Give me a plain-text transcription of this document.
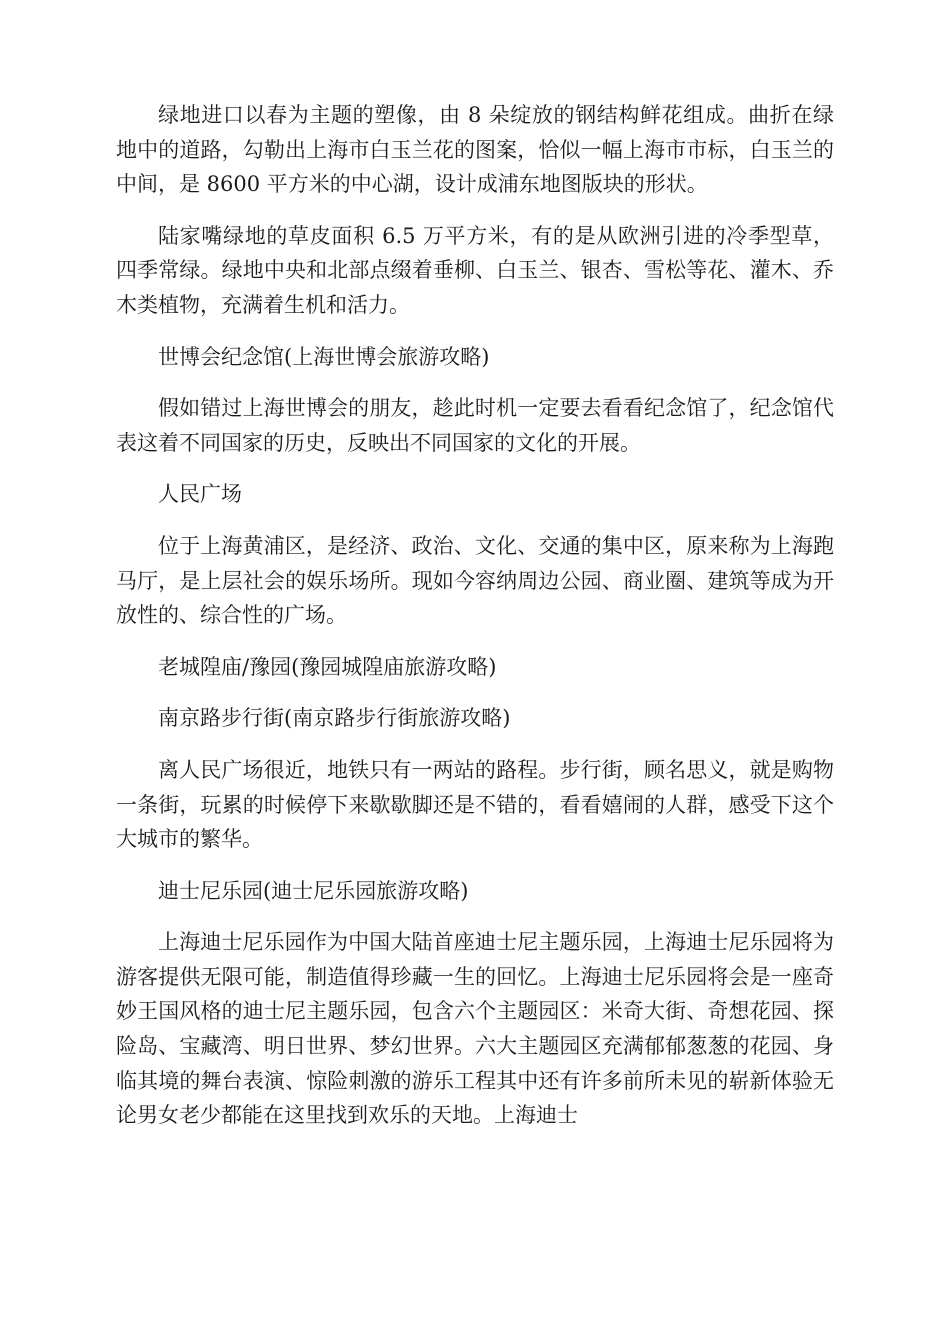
绿地进口以春为主题的塑像，由 8 朵绽放的钢结构鲜花组成。曲折在绿地中的道路，勾勒出上海市白玉兰花的图案，恰似一幅上海市市标，白玉兰的中间，是 8600 平方米的中心湖，设计成浦东地图版块的形状。

陆家嘴绿地的草皮面积 6.5 万平方米，有的是从欧洲引进的冷季型草，四季常绿。绿地中央和北部点缀着垂柳、白玉兰、银杏、雪松等花、灌木、乔木类植物，充满着生机和活力。

世博会纪念馆(上海世博会旅游攻略)

假如错过上海世博会的朋友，趁此时机一定要去看看纪念馆了，纪念馆代表这着不同国家的历史，反映出不同国家的文化的开展。

人民广场

位于上海黄浦区，是经济、政治、文化、交通的集中区，原来称为上海跑马厅，是上层社会的娱乐场所。现如今容纳周边公园、商业圈、建筑等成为开放性的、综合性的广场。

老城隍庙/豫园(豫园城隍庙旅游攻略)

南京路步行街(南京路步行街旅游攻略)

离人民广场很近，地铁只有一两站的路程。步行街，顾名思义，就是购物一条街，玩累的时候停下来歇歇脚还是不错的，看看嬉闹的人群，感受下这个大城市的繁华。

迪士尼乐园(迪士尼乐园旅游攻略)

上海迪士尼乐园作为中国大陆首座迪士尼主题乐园，上海迪士尼乐园将为游客提供无限可能，制造值得珍藏一生的回忆。上海迪士尼乐园将会是一座奇妙王国风格的迪士尼主题乐园，包含六个主题园区：米奇大街、奇想花园、探险岛、宝藏湾、明日世界、梦幻世界。六大主题园区充满郁郁葱葱的花园、身临其境的舞台表演、惊险刺激的游乐工程其中还有许多前所未见的崭新体验无论男女老少都能在这里找到欢乐的天地。上海迪士
